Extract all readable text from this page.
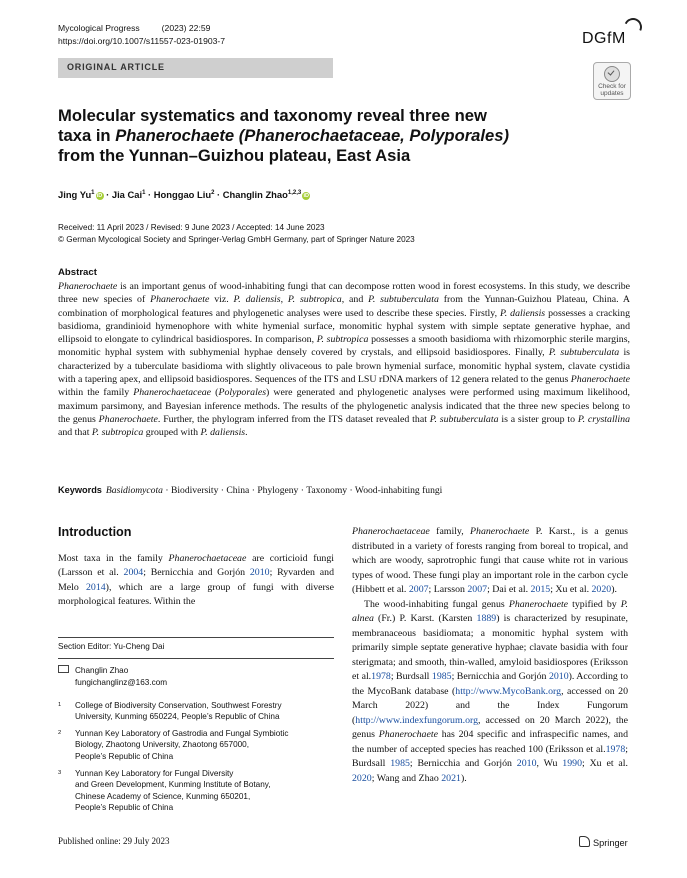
Mycological Progress	(2023) 22:59
https://doi.org/10.1007/s11557-023-01903-7	DGfM
ORIGINAL ARTICLE
Check for
updates
Molecular systematics and taxonomy reveal three new
taxa in Phanerochaete (Phanerochaetaceae, Polyporales)
from the Yunnan–Guizhou plateau, East Asia
Jing Yu$^1$ iD · Jia Cai$^1$ · Honggao Liu$^2$ · Changlin Zhao$^{1,2,3}$ iD
Received: 11 April 2023 / Revised: 9 June 2023 / Accepted: 14 June 2023
© German Mycological Society and Springer-Verlag GmbH Germany, part of Springer Nature 2023
Abstract
Phanerochaete is an important genus of wood-inhabiting fungi that can decompose rotten wood in forest ecosystems. In this study, we describe three new species of Phanerochaete viz. P. daliensis, P. subtropica, and P. subtuberculata from the Yunnan-Guizhou Plateau, China. A combination of morphological features and phylogenetic analyses were used to describe these species. Firstly, P. daliensis possesses a cracking basidioma, grandinioid hymenophore with white hymenial surface, monomitic hyphal system with simple septate generative hyphae, and ellipsoid to elongate to cylindrical basidiospores. In comparison, P. subtropica possesses a smooth basidioma with rhizomorphic sterile margins, monomitic hyphal system with subhymenial hyphae densely covered by crystals, and ellipsoid basidiospores. Finally, P. subtuberculata is characterized by a tuberculate basidioma with slightly olivaceous to pale brown hymenial surface, monomitic hyphal system, clavate cystidia with a tapering apex, and ellipsoid basidiospores. Sequences of the ITS and LSU rDNA markers of 12 genera related to the genus Phanerochaete within the family Phanerochaetaceae (Polyporales) were generated and phylogenetic analyses were performed using maximum likelihood, maximum parsimony, and Bayesian inference methods. The results of the phylogenetic analysis indicated that the three new species belong to the genus Phanerochaete. Further, the phylogram inferred from the ITS dataset revealed that P. subtuberculata is a sister group to P. crystallina and that P. subtropica grouped with P. daliensis.
Keywords Basidiomycota · Biodiversity · China · Phylogeny · Taxonomy · Wood-inhabiting fungi
Introduction

Most taxa in the family Phanerochaetaceae are corticioid fungi (Larsson et al. 2004; Bernicchia and Gorjón 2010; Ryvarden and Melo 2014), which are a large group of fungi with diverse morphological features. Within the

Section Editor: Yu-Cheng Dai
Changlin Zhao
fungichanglinz@163.com
1 College of Biodiversity Conservation, Southwest Forestry
University, Kunming 650224, People’s Republic of China
2 Yunnan Key Laboratory of Gastrodia and Fungal Symbiotic
Biology, Zhaotong University, Zhaotong 657000,
People’s Republic of China
3 Yunnan Key Laboratory for Fungal Diversity
and Green Development, Kunming Institute of Botany,
Chinese Academy of Science, Kunming 650201,
People’s Republic of China

Phanerochaetaceae family, Phanerochaete P. Karst., is a genus distributed in a variety of forests ranging from boreal to tropical, and which are woody, saprotrophic fungi that cause white rot in various types of wood. These fungi play an important role in the carbon cycle (Hibbett et al. 2007; Larsson 2007; Dai et al. 2015; Xu et al. 2020).

The wood-inhabiting fungal genus Phanerochaete typified by P. alnea (Fr.) P. Karst. (Karsten 1889) is characterized by resupinate, membranaceous basidiomata; a monomitic hyphal system with primarily simple septate generative hyphae; clavate basidia with four sterigmata; and smooth, thin-walled, amyloid basidiospores (Eriksson et al.1978; Burdsall 1985; Bernicchia and Gorjón 2010). According to the MycoBank database (http://www.MycoBank.org, accessed on 20 March 2022) and the Index Fungorum (http://www.indexfungorum.org, accessed on 20 March 2022), the genus Phanerochaete has 204 specific and infraspecific names, and the number of accepted species has reached 100 (Eriksson et al.1978; Burdsall 1985; Bernicchia and Gorjón 2010, Wu 1990; Xu et al. 2020; Wang and Zhao 2021).

Published online: 29 July 2023	Springer
